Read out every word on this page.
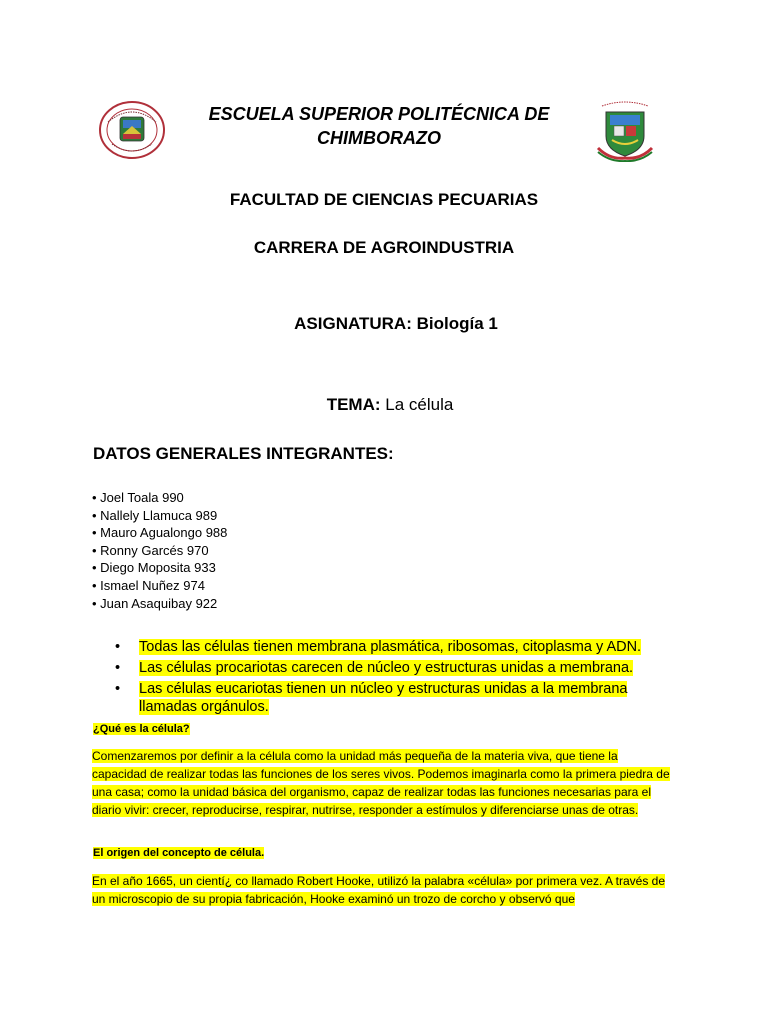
ESCUELA SUPERIOR POLITÉCNICA DE
CHIMBORAZO
FACULTAD DE CIENCIAS PECUARIAS
CARRERA DE AGROINDUSTRIA
ASIGNATURA: Biología 1
TEMA: La célula
DATOS GENERALES INTEGRANTES:
• Joel Toala 990
• Nallely Llamuca 989
• Mauro Agualongo 988
• Ronny Garcés 970
• Diego Moposita 933
• Ismael Nuñez 974
• Juan Asaquibay 922
• Todas las células tienen membrana plasmática, ribosomas, citoplasma y ADN.
• Las células procariotas carecen de núcleo y estructuras unidas a membrana.
• Las células eucariotas tienen un núcleo y estructuras unidas a la membrana llamadas orgánulos.
¿Qué es la célula?

Comenzaremos por definir a la célula como la unidad más pequeña de la materia viva, que tiene la capacidad de realizar todas las funciones de los seres vivos. Podemos imaginarla como la primera piedra de una casa; como la unidad básica del organismo, capaz de realizar todas las funciones necesarias para el diario vivir: crecer, reproducirse, respirar, nutrirse, responder a estímulos y diferenciarse unas de otras.

El origen del concepto de célula.

En el año 1665, un cientí¿ co llamado Robert Hooke, utilizó la palabra «célula» por primera vez. A través de un microscopio de su propia fabricación, Hooke examinó un trozo de corcho y observó que
